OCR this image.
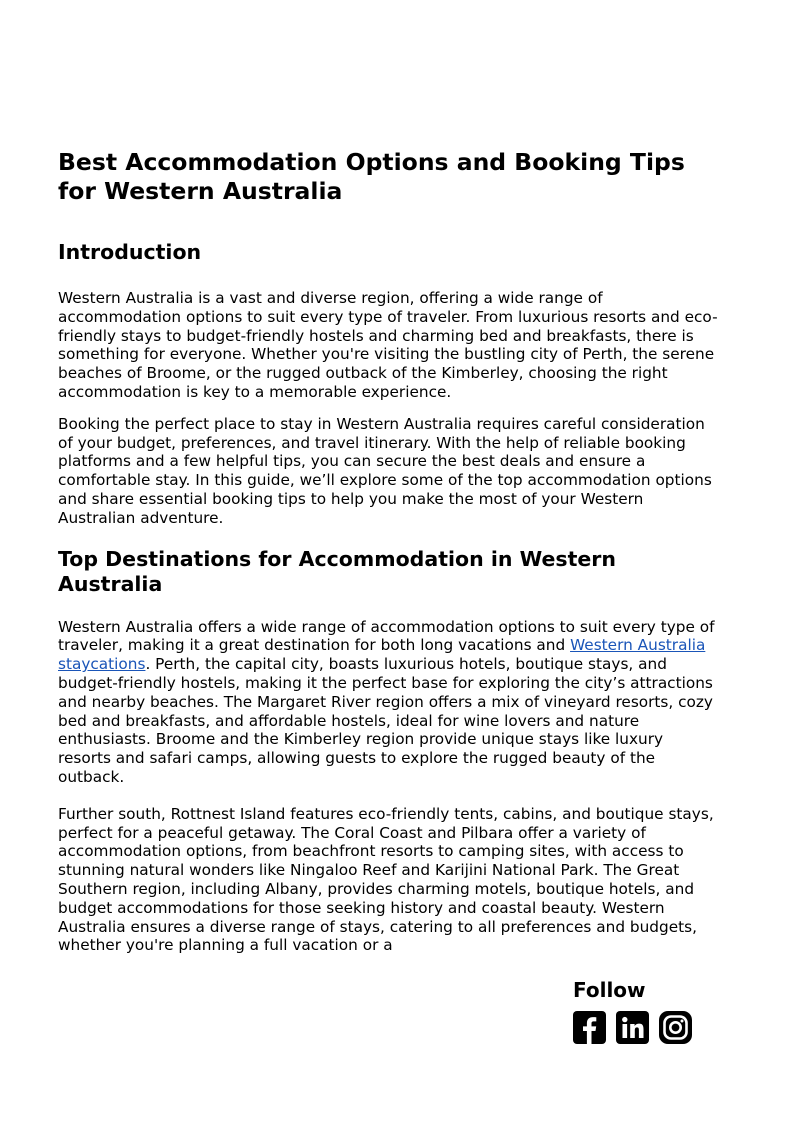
Best Accommodation Options and Booking Tips for Western Australia
Introduction

Western Australia is a vast and diverse region, offering a wide range of accommodation options to suit every type of traveler. From luxurious resorts and eco-friendly stays to budget-friendly hostels and charming bed and breakfasts, there is something for everyone. Whether you're visiting the bustling city of Perth, the serene beaches of Broome, or the rugged outback of the Kimberley, choosing the right accommodation is key to a memorable experience.

Booking the perfect place to stay in Western Australia requires careful consideration of your budget, preferences, and travel itinerary. With the help of reliable booking platforms and a few helpful tips, you can secure the best deals and ensure a comfortable stay. In this guide, we’ll explore some of the top accommodation options and share essential booking tips to help you make the most of your Western Australian adventure.

Top Destinations for Accommodation in Western Australia

Western Australia offers a wide range of accommodation options to suit every type of traveler, making it a great destination for both long vacations and Western Australia staycations. Perth, the capital city, boasts luxurious hotels, boutique stays, and budget-friendly hostels, making it the perfect base for exploring the city’s attractions and nearby beaches. The Margaret River region offers a mix of vineyard resorts, cozy bed and breakfasts, and affordable hostels, ideal for wine lovers and nature enthusiasts. Broome and the Kimberley region provide unique stays like luxury resorts and safari camps, allowing guests to explore the rugged beauty of the outback.

Further south, Rottnest Island features eco-friendly tents, cabins, and boutique stays, perfect for a peaceful getaway. The Coral Coast and Pilbara offer a variety of accommodation options, from beachfront resorts to camping sites, with access to stunning natural wonders like Ningaloo Reef and Karijini National Park. The Great Southern region, including Albany, provides charming motels, boutique hotels, and budget accommodations for those seeking history and coastal beauty. Western Australia ensures a diverse range of stays, catering to all preferences and budgets, whether you're planning a full vacation or a

Follow
